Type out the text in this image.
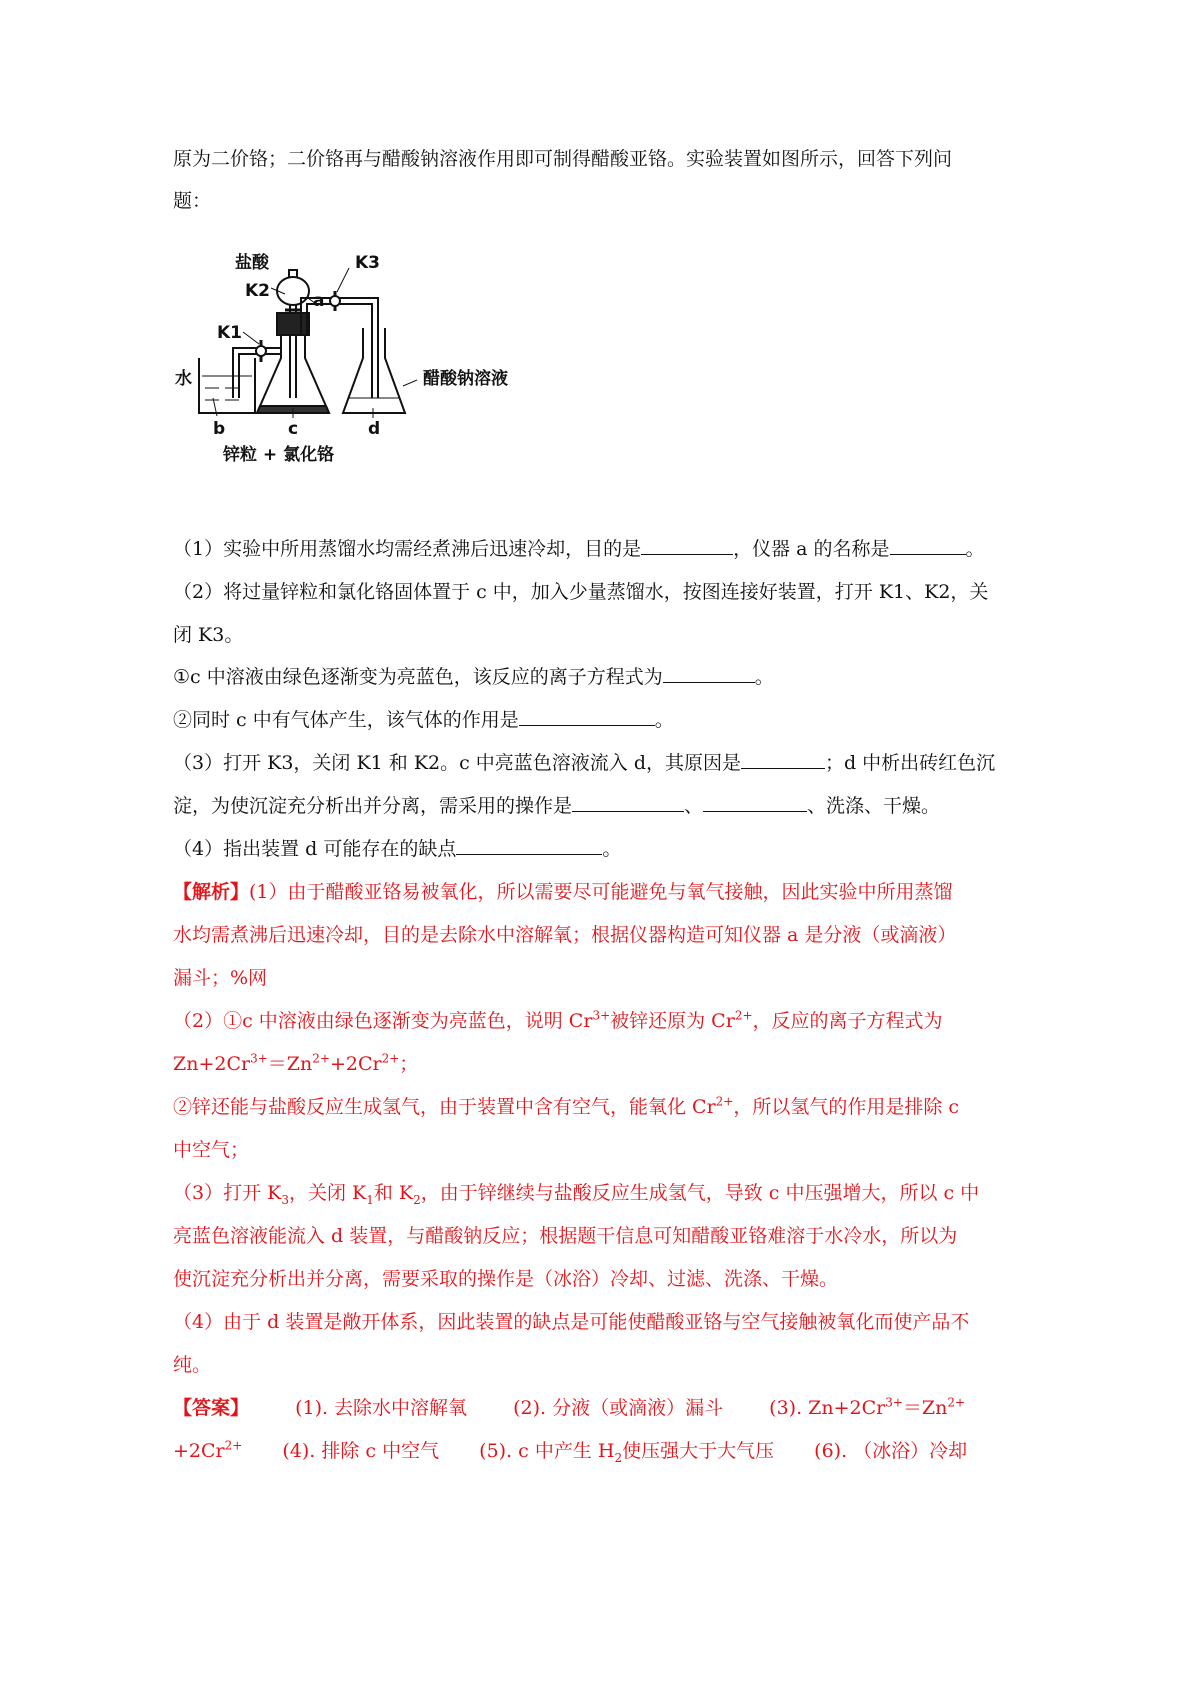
原为二价铬；二价铬再与醋酸钠溶液作用即可制得醋酸亚铬。实验装置如图所示，回答下列问
题：
盐酸
a
K3
K2
K1
水	醋酸钠溶液
b	c	d
锌粒 + 氯化铬
（1）实验中所用蒸馏水均需经煮沸后迅速冷却，目的是	，仪器 a 的名称是	。
（2）将过量锌粒和氯化铬固体置于 c 中，加入少量蒸馏水，按图连接好装置，打开 K1、K2，关
闭 K3。
①c 中溶液由绿色逐渐变为亮蓝色，该反应的离子方程式为	。
②同时 c 中有气体产生，该气体的作用是	。
（3）打开 K3，关闭 K1 和 K2。c 中亮蓝色溶液流入 d，其原因是	；d 中析出砖红色沉
淀，为使沉淀充分析出并分离，需采用的操作是	、	、洗涤、干燥。
（4）指出装置 d 可能存在的缺点	。
【解析】(1）由于醋酸亚铬易被氧化，所以需要尽可能避免与氧气接触，因此实验中所用蒸馏
水均需煮沸后迅速冷却，目的是去除水中溶解氧；根据仪器构造可知仪器 a 是分液（或滴液）
漏斗；%网
（2）①c 中溶液由绿色逐渐变为亮蓝色，说明 $Cr^{3+}$被锌还原为 $Cr^{2+}$，反应的离子方程式为
$Zn+2Cr^{3+}=Zn^{2+}+2Cr^{2+}$；
②锌还能与盐酸反应生成氢气，由于装置中含有空气，能氧化 $Cr^{2+}$，所以氢气的作用是排除 c
中空气；
（3）打开 $K_3$，关闭 $K_1$和 $K_2$，由于锌继续与盐酸反应生成氢气，导致 c 中压强增大，所以 c 中
亮蓝色溶液能流入 d 装置，与醋酸钠反应；根据题干信息可知醋酸亚铬难溶于水冷水，所以为
使沉淀充分析出并分离，需要采取的操作是（冰浴）冷却、过滤、洗涤、干燥。
（4）由于 d 装置是敞开体系，因此装置的缺点是可能使醋酸亚铬与空气接触被氧化而使产品不
纯。
【答案】 (1). 去除水中溶解氧 (2). 分液（或滴液）漏斗 (3). $Zn+2Cr^{3+}=Zn^{2+}$
$+2Cr^{2+}$ (4). 排除 c 中空气 (5). c 中产生 $H_2$使压强大于大气压 (6). （冰浴）冷却
